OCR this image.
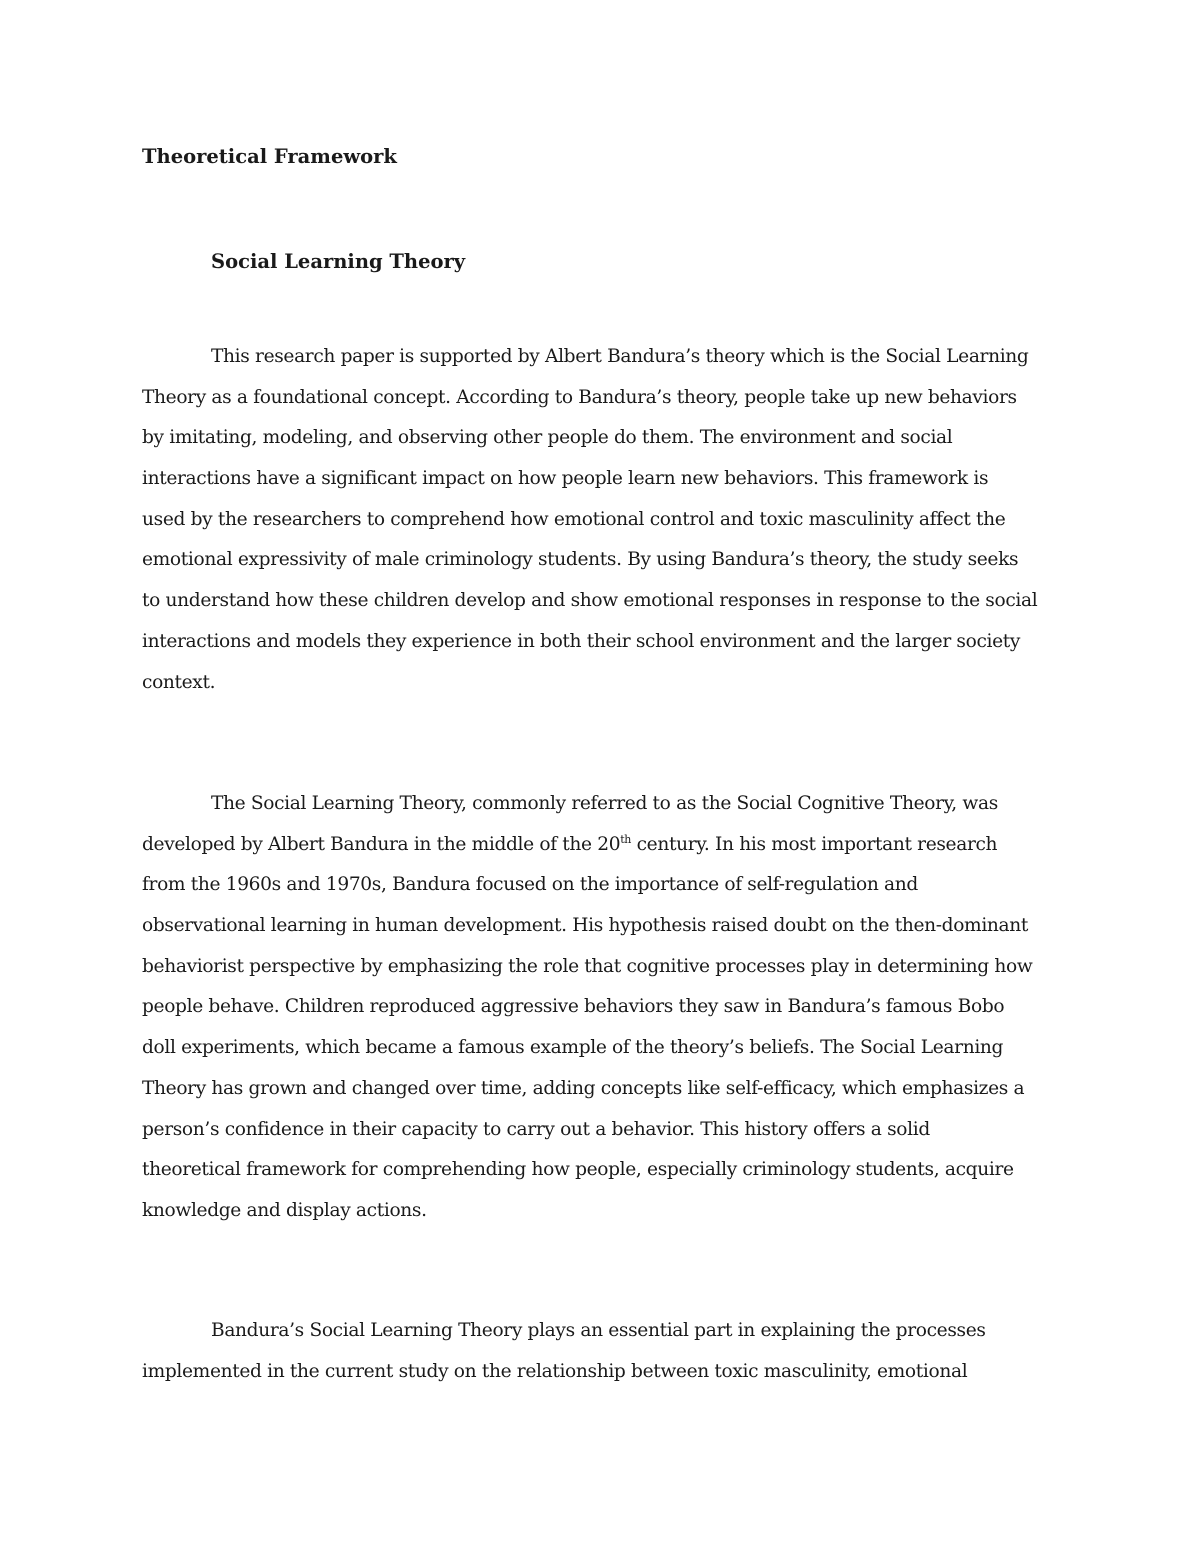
Theoretical Framework
Social Learning Theory
This research paper is supported by Albert Bandura’s theory which is the Social Learning
Theory as a foundational concept. According to Bandura’s theory, people take up new behaviors
by imitating, modeling, and observing other people do them. The environment and social
interactions have a significant impact on how people learn new behaviors. This framework is
used by the researchers to comprehend how emotional control and toxic masculinity affect the
emotional expressivity of male criminology students. By using Bandura’s theory, the study seeks
to understand how these children develop and show emotional responses in response to the social
interactions and models they experience in both their school environment and the larger society
context.
The Social Learning Theory, commonly referred to as the Social Cognitive Theory, was
developed by Albert Bandura in the middle of the 20th century. In his most important research
from the 1960s and 1970s, Bandura focused on the importance of self-regulation and
observational learning in human development. His hypothesis raised doubt on the then-dominant
behaviorist perspective by emphasizing the role that cognitive processes play in determining how
people behave. Children reproduced aggressive behaviors they saw in Bandura’s famous Bobo
doll experiments, which became a famous example of the theory’s beliefs. The Social Learning
Theory has grown and changed over time, adding concepts like self-efficacy, which emphasizes a
person’s confidence in their capacity to carry out a behavior. This history offers a solid
theoretical framework for comprehending how people, especially criminology students, acquire
knowledge and display actions.
Bandura’s Social Learning Theory plays an essential part in explaining the processes
implemented in the current study on the relationship between toxic masculinity, emotional
